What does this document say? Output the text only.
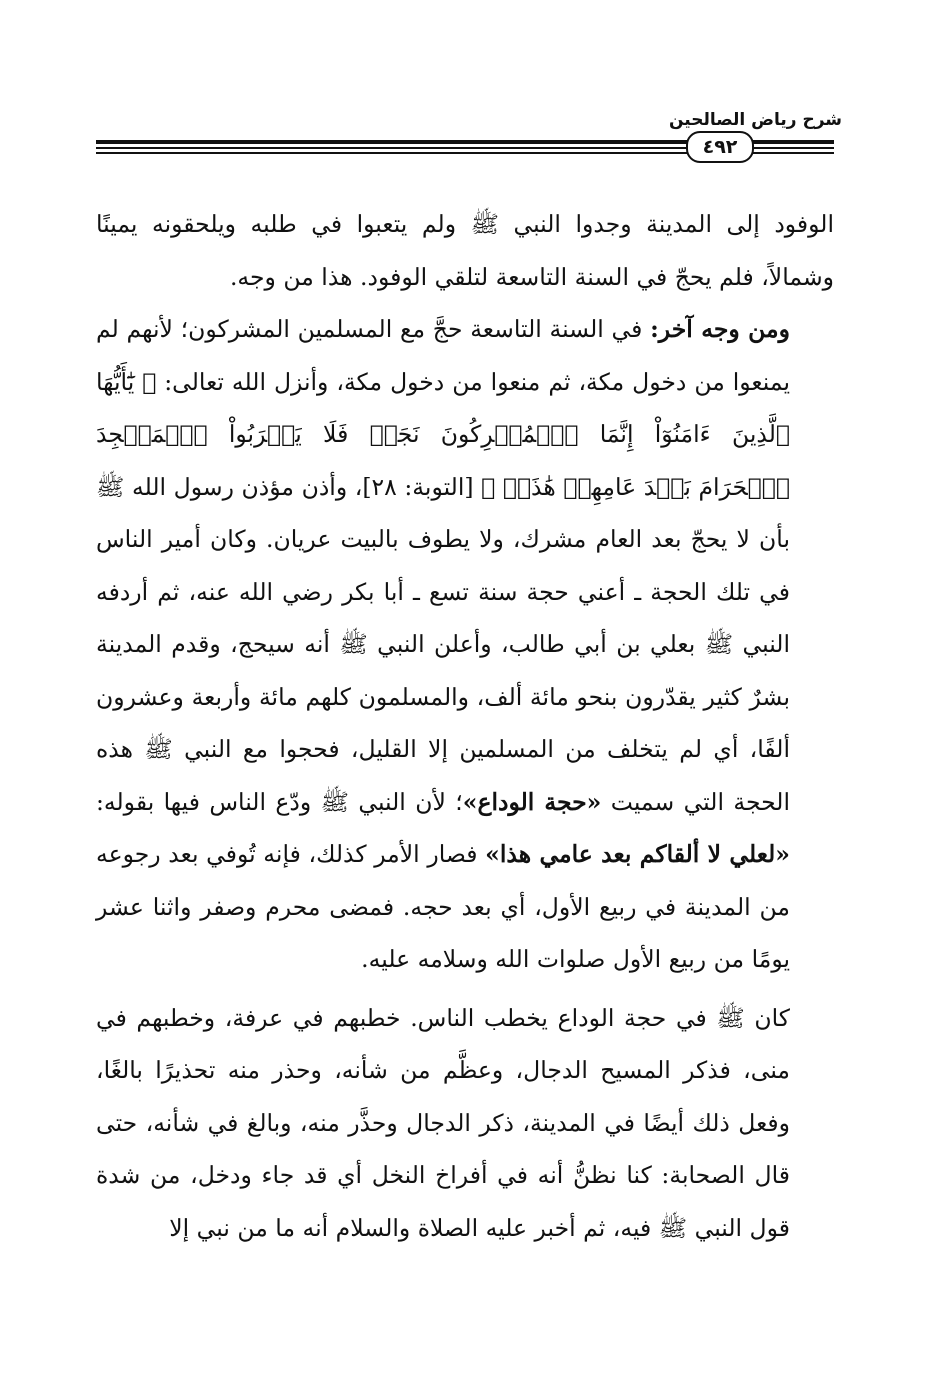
شرح رياض الصالحين
٤٩٢

الوفود إلى المدينة وجدوا النبي ﷺ ولم يتعبوا في طلبه ويلحقونه يمينًا وشمالاً، فلم يحجّ في السنة التاسعة لتلقي الوفود. هذا من وجه.

ومن وجه آخر: في السنة التاسعة حجَّ مع المسلمين المشركون؛ لأنهم لم يمنعوا من دخول مكة، ثم منعوا من دخول مكة، وأنزل الله تعالى: ﴿ يَٰٓأَيُّهَا ٱلَّذِينَ ءَامَنُوٓاْ إِنَّمَا ٱلۡمُشۡرِكُونَ نَجَسٞ فَلَا يَقۡرَبُواْ ٱلۡمَسۡجِدَ ٱلۡحَرَامَ بَعۡدَ عَامِهِمۡ هَٰذَاۚ ﴾ [التوبة: ٢٨]، وأذن مؤذن رسول الله ﷺ بأن لا يحجّ بعد العام مشرك، ولا يطوف بالبيت عريان. وكان أمير الناس في تلك الحجة ـ أعني حجة سنة تسع ـ أبا بكر رضي الله عنه، ثم أردفه النبي ﷺ بعلي بن أبي طالب، وأعلن النبي ﷺ أنه سيحج، وقدم المدينة بشرٌ كثير يقدّرون بنحو مائة ألف، والمسلمون كلهم مائة وأربعة وعشرون ألفًا، أي لم يتخلف من المسلمين إلا القليل، فحجوا مع النبي ﷺ هذه الحجة التي سميت «حجة الوداع»؛ لأن النبي ﷺ ودّع الناس فيها بقوله: «لعلي لا ألقاكم بعد عامي هذا» فصار الأمر كذلك، فإنه تُوفي بعد رجوعه من المدينة في ربيع الأول، أي بعد حجه. فمضى محرم وصفر واثنا عشر يومًا من ربيع الأول صلوات الله وسلامه عليه.

كان ﷺ في حجة الوداع يخطب الناس. خطبهم في عرفة، وخطبهم في منى، فذكر المسيح الدجال، وعظَّم من شأنه، وحذر منه تحذيرًا بالغًا، وفعل ذلك أيضًا في المدينة، ذكر الدجال وحذَّر منه، وبالغ في شأنه، حتى قال الصحابة: كنا نظنُّ أنه في أفراخ النخل أي قد جاء ودخل، من شدة قول النبي ﷺ فيه، ثم أخبر عليه الصلاة والسلام أنه ما من نبي إلا
